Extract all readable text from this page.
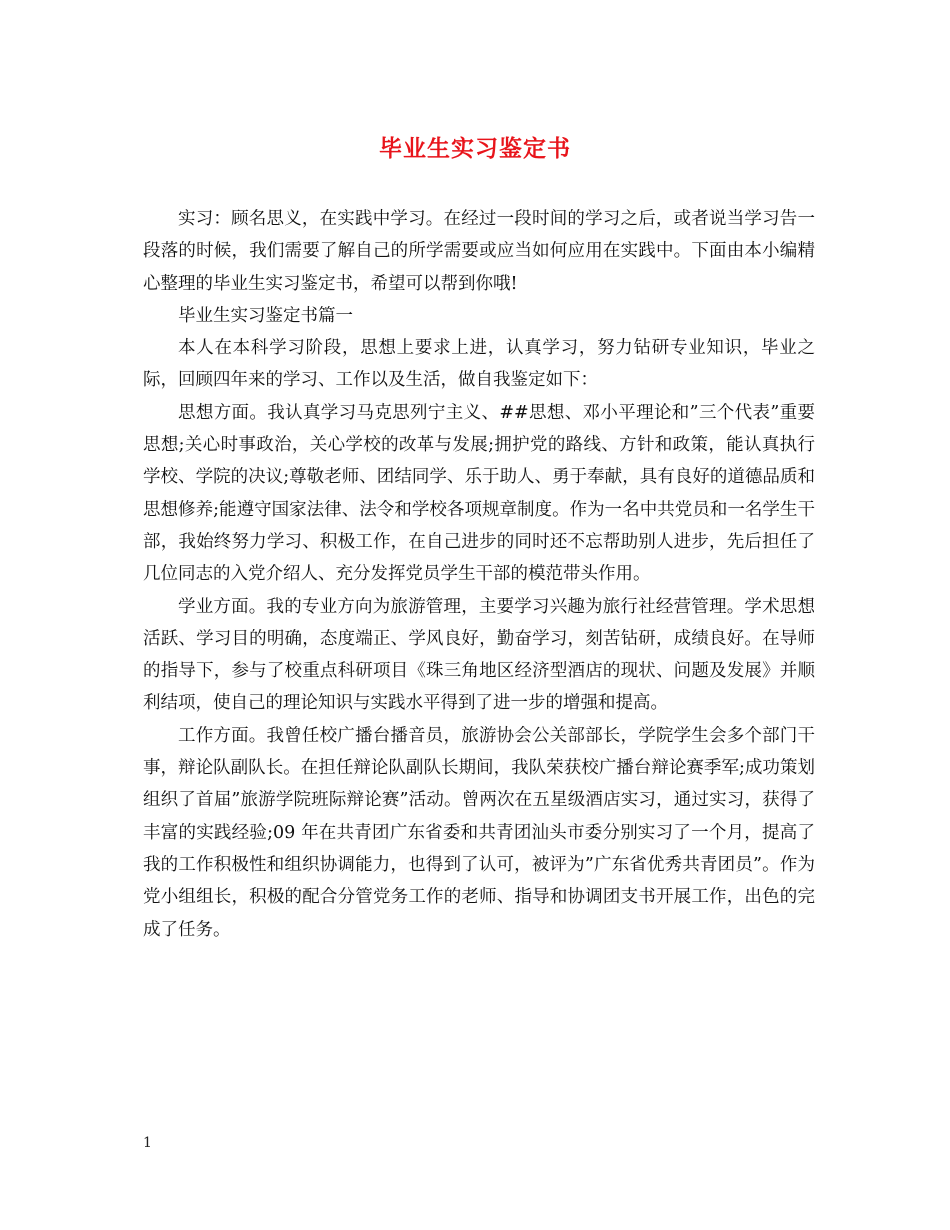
毕业生实习鉴定书

实习：顾名思义，在实践中学习。在经过一段时间的学习之后，或者说当学习告一段落的时候，我们需要了解自己的所学需要或应当如何应用在实践中。下面由本小编精心整理的毕业生实习鉴定书，希望可以帮到你哦!

毕业生实习鉴定书篇一

本人在本科学习阶段，思想上要求上进，认真学习，努力钻研专业知识，毕业之际，回顾四年来的学习、工作以及生活，做自我鉴定如下：

思想方面。我认真学习马克思列宁主义、##思想、邓小平理论和”三个代表”重要思想;关心时事政治，关心学校的改革与发展;拥护党的路线、方针和政策，能认真执行学校、学院的决议;尊敬老师、团结同学、乐于助人、勇于奉献，具有良好的道德品质和思想修养;能遵守国家法律、法令和学校各项规章制度。作为一名中共党员和一名学生干部，我始终努力学习、积极工作，在自己进步的同时还不忘帮助别人进步，先后担任了几位同志的入党介绍人、充分发挥党员学生干部的模范带头作用。

学业方面。我的专业方向为旅游管理，主要学习兴趣为旅行社经营管理。学术思想活跃、学习目的明确，态度端正、学风良好，勤奋学习，刻苦钻研，成绩良好。在导师的指导下，参与了校重点科研项目《珠三角地区经济型酒店的现状、问题及发展》并顺利结项，使自己的理论知识与实践水平得到了进一步的增强和提高。

工作方面。我曾任校广播台播音员，旅游协会公关部部长，学院学生会多个部门干事，辩论队副队长。在担任辩论队副队长期间，我队荣获校广播台辩论赛季军;成功策划组织了首届”旅游学院班际辩论赛”活动。曾两次在五星级酒店实习，通过实习，获得了丰富的实践经验;09 年在共青团广东省委和共青团汕头市委分别实习了一个月，提高了我的工作积极性和组织协调能力，也得到了认可，被评为”广东省优秀共青团员”。作为党小组组长，积极的配合分管党务工作的老师、指导和协调团支书开展工作，出色的完成了任务。

1
